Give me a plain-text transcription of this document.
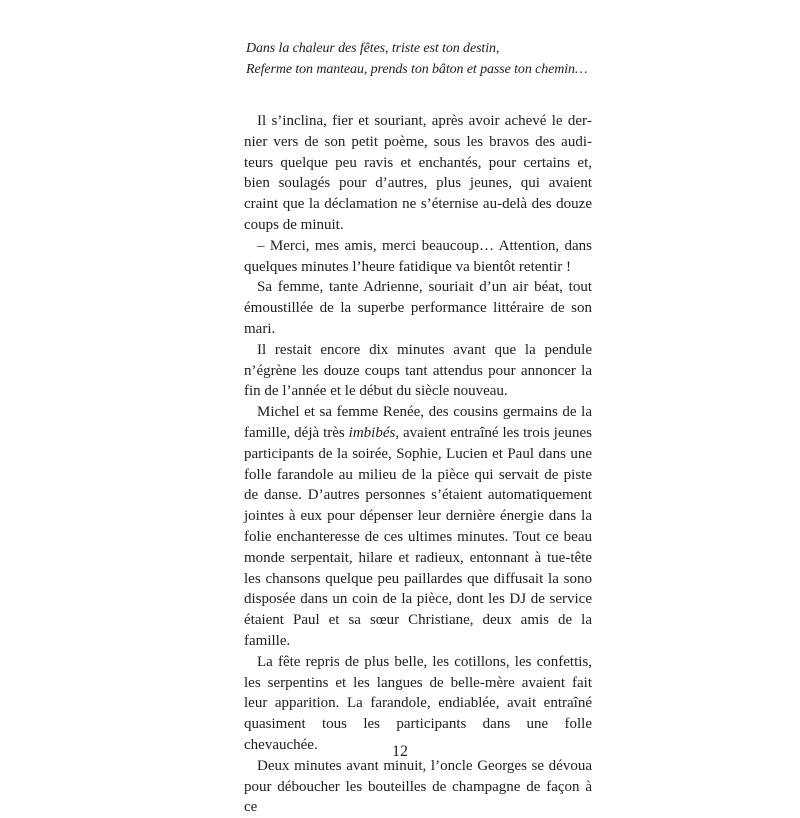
Dans la chaleur des fêtes, triste est ton destin,
Referme ton manteau, prends ton bâton et passe ton chemin…

Il s’inclina, fier et souriant, après avoir achevé le dernier vers de son petit poème, sous les bravos des auditeurs quelque peu ravis et enchantés, pour certains et, bien soulagés pour d’autres, plus jeunes, qui avaient craint que la déclamation ne s’éternise au-delà des douze coups de minuit.

– Merci, mes amis, merci beaucoup… Attention, dans quelques minutes l’heure fatidique va bientôt retentir !

Sa femme, tante Adrienne, souriait d’un air béat, tout émoustillée de la superbe performance littéraire de son mari.

Il restait encore dix minutes avant que la pendule n’égrène les douze coups tant attendus pour annoncer la fin de l’année et le début du siècle nouveau.

Michel et sa femme Renée, des cousins germains de la famille, déjà très imbibés, avaient entraîné les trois jeunes participants de la soirée, Sophie, Lucien et Paul dans une folle farandole au milieu de la pièce qui servait de piste de danse. D’autres personnes s’étaient automatiquement jointes à eux pour dépenser leur dernière énergie dans la folie enchanteresse de ces ultimes minutes. Tout ce beau monde serpentait, hilare et radieux, entonnant à tue-tête les chansons quelque peu paillardes que diffusait la sono disposée dans un coin de la pièce, dont les DJ de service étaient Paul et sa sœur Christiane, deux amis de la famille.

La fête repris de plus belle, les cotillons, les confettis, les serpentins et les langues de belle-mère avaient fait leur apparition. La farandole, endiablée, avait entraîné quasiment tous les participants dans une folle chevauchée.

Deux minutes avant minuit, l’oncle Georges se dévoua pour déboucher les bouteilles de champagne de façon à ce

12
